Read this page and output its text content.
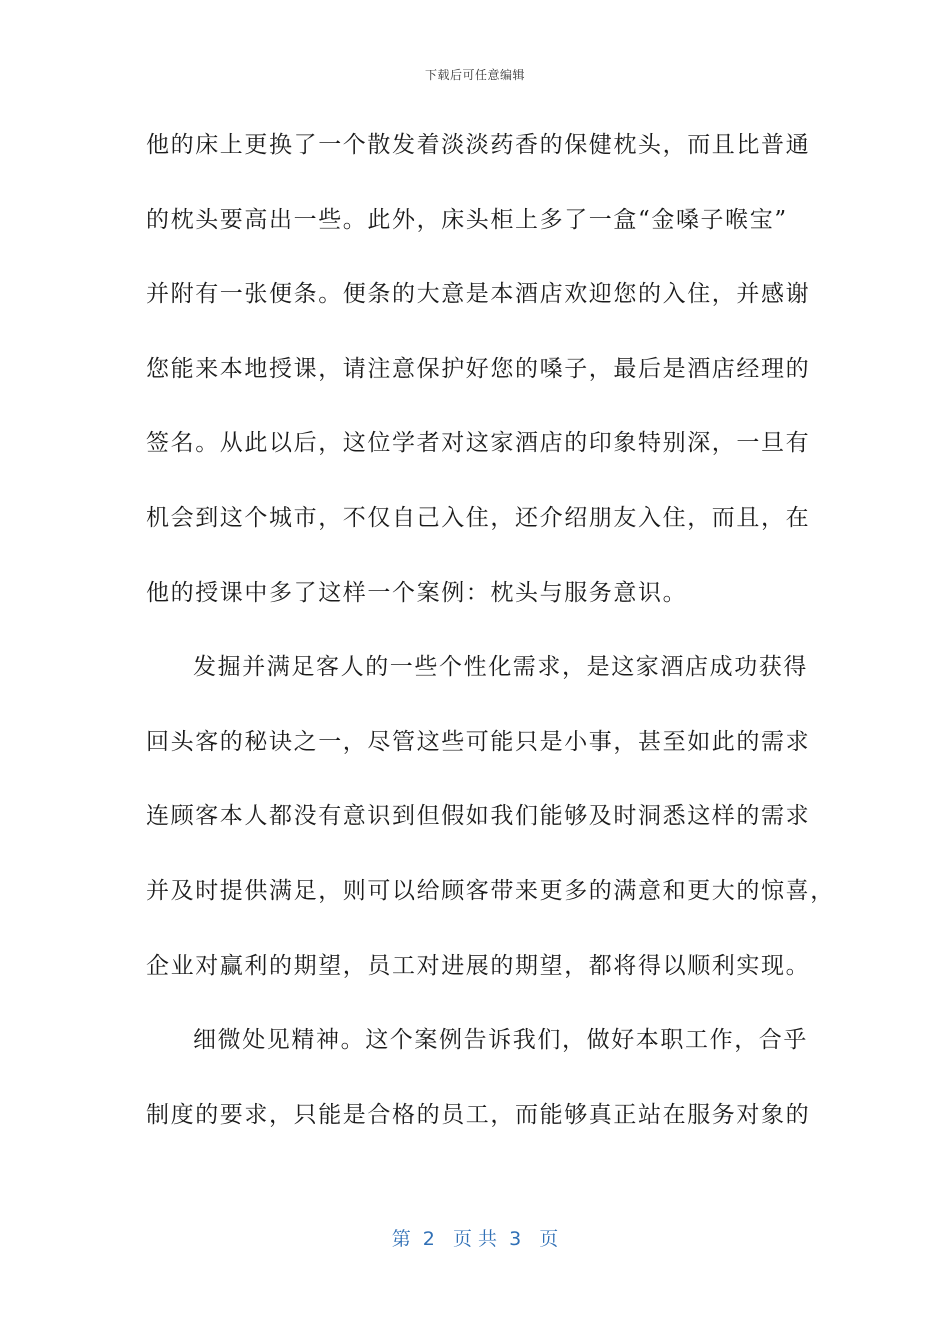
下载后可任意编辑
他的床上更换了一个散发着淡淡药香的保健枕头，而且比普通
的枕头要高出一些。此外，床头柜上多了一盒“金嗓子喉宝”
并附有一张便条。便条的大意是本酒店欢迎您的入住，并感谢
您能来本地授课，请注意保护好您的嗓子，最后是酒店经理的
签名。从此以后，这位学者对这家酒店的印象特别深，一旦有
机会到这个城市，不仅自己入住，还介绍朋友入住，而且，在
他的授课中多了这样一个案例：枕头与服务意识。
发掘并满足客人的一些个性化需求，是这家酒店成功获得
回头客的秘诀之一，尽管这些可能只是小事，甚至如此的需求
连顾客本人都没有意识到但假如我们能够及时洞悉这样的需求
并及时提供满足，则可以给顾客带来更多的满意和更大的惊喜，
企业对赢利的期望，员工对进展的期望，都将得以顺利实现。
细微处见精神。这个案例告诉我们，做好本职工作，合乎
制度的要求，只能是合格的员工，而能够真正站在服务对象的
第  2   页 共  3   页
